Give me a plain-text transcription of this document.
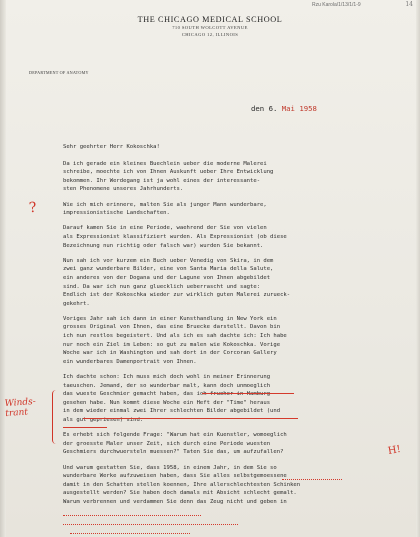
Rzu Karola/1/13/1/1-9	14
THE CHICAGO MEDICAL SCHOOL
710 SOUTH WOLCOTT AVENUE
CHICAGO 12, ILLINOIS
DEPARTMENT OF ANATOMY
den 6. Mai 1958

Sehr geehrter Herr Kokoschka!

Da ich gerade ein kleines Buechlein ueber die moderne Malerei
schreibe, moechte ich von Ihnen Auskunft ueber Ihre Entwicklung
bekommen. Ihr Werdegang ist ja wohl eines der interessante-
sten Phenomene unseres Jahrhunderts.

Wie ich mich erinnere, malten Sie als junger Mann wunderbare,
impressionistische Landschaften.

Darauf kamen Sie in eine Periode, waehrend der Sie von vielen
als Expressionist klassifiziert wurden. Als Expressionist (ob diese
Bezeichnung nun richtig oder falsch war) wurden Sie bekannt.

Nun sah ich vor kurzem ein Buch ueber Venedig von Skira, in dem
zwei ganz wunderbare Bilder, eine von Santa Maria della Salute,
ein anderes von der Dogana und der Lagune von Ihnen abgebildet
sind. Da war ich nun ganz gluecklich ueberrascht und sagte:
Endlich ist der Kokoschka wieder zur wirklich guten Malerei zurueck-
gekehrt.

Voriges Jahr sah ich dann in einer Kunsthandlung in New York ein
grosses Original von Ihnen, das eine Bruecke darstellt. Davon bin
ich nun restlos begeistert. Und als ich es sah dachte ich: Ich habe
nur noch ein Ziel im Leben: so gut zu malen wie Kokoschka. Vorige
Woche war ich in Washington und sah dort in der Corcoran Gallery
ein wunderbares Damenportrait von Ihnen.

Ich dachte schon: Ich muss mich doch wohl in meiner Erinnerung
taeuschen. Jemand, der so wunderbar malt, kann doch unmoeglich
das wueste Geschmier gemacht haben, das ich frueher in Hamburg
gesehen habe. Nun kommt diese Woche ein Heft der "Time" heraus
in dem wieder einmal zwei Ihrer schlechten Bilder abgebildet (und
als gut gepriesen) sind.

Es erhebt sich folgende Frage: "Warum hat ein Kuenstler, womoeglich
der groesste Maler unser Zeit, sich durch eine Periode wuesten
Geschmiers durchwuersteln muessen?" Taten Sie das, um aufzufallen?

Und warum gestatten Sie, dass 1958, in einem Jahr, in dem Sie so
wunderbare Werke aufzuweisen haben, dass Sie alles selbstgemoessene
damit in den Schatten stellen koennen, Ihre allerschlechtesten Schinken
ausgestellt werden? Sie haben doch damals mit Absicht schlecht gemalt.
Warum verbrennen und verdammen Sie denn das Zeug nicht und geben in

?
Winds-
trant
H!
